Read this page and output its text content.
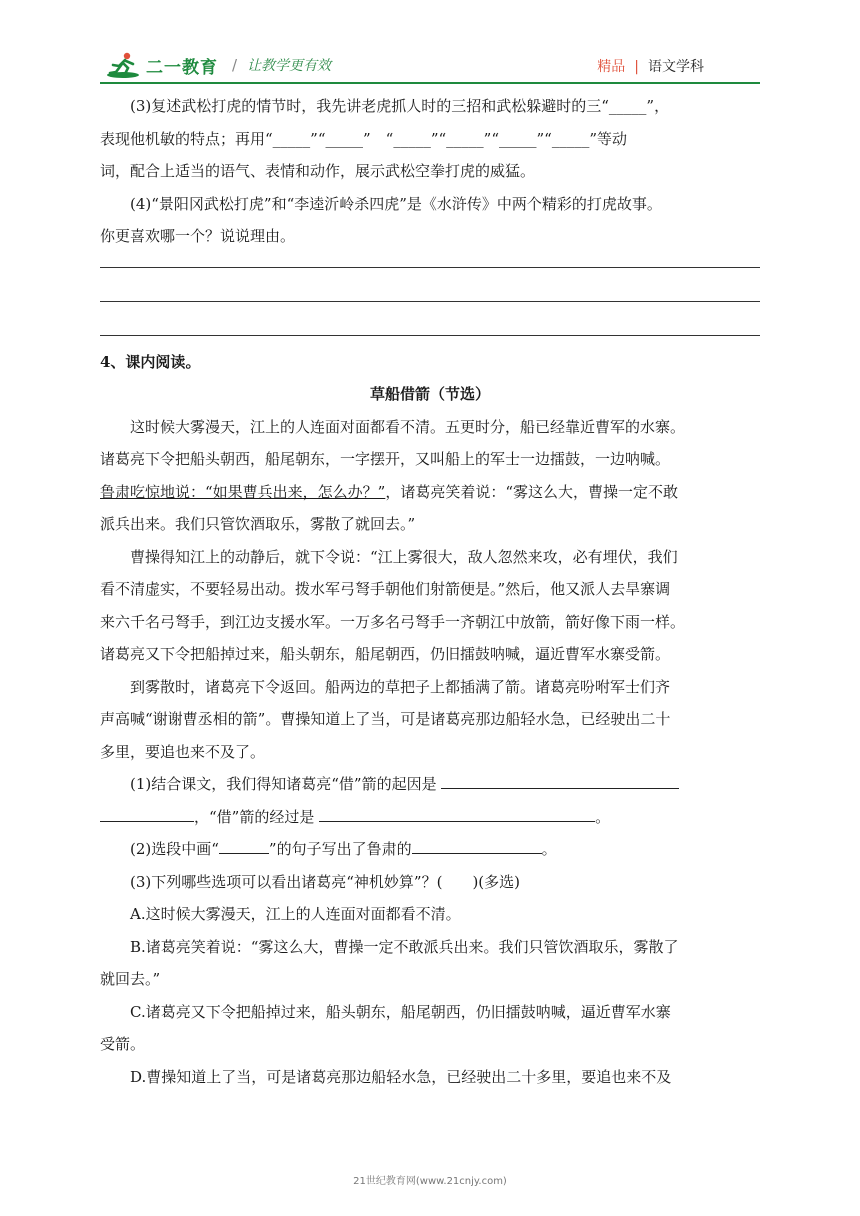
二一教育 / 让教学更有效	精品 | 语文学科

(3)复述武松打虎的情节时，我先讲老虎抓人时的三招和武松躲避时的三“_____”，

表现他机敏的特点；再用“_____”“_____”　“_____”“_____”“_____”“_____”等动

词，配合上适当的语气、表情和动作，展示武松空拳打虎的威猛。

(4)“景阳冈武松打虎”和“李逵沂岭杀四虎”是《水浒传》中两个精彩的打虎故事。

你更喜欢哪一个？说说理由。

4、课内阅读。

草船借箭（节选）

这时候大雾漫天，江上的人连面对面都看不清。五更时分，船已经靠近曹军的水寨。

诸葛亮下令把船头朝西，船尾朝东，一字摆开，又叫船上的军士一边擂鼓，一边呐喊。

鲁肃吃惊地说：“如果曹兵出来，怎么办？”，诸葛亮笑着说：“雾这么大，曹操一定不敢

派兵出来。我们只管饮酒取乐，雾散了就回去。”

曹操得知江上的动静后，就下令说：“江上雾很大，敌人忽然来攻，必有埋伏，我们

看不清虚实，不要轻易出动。拨水军弓弩手朝他们射箭便是。”然后，他又派人去旱寨调

来六千名弓弩手，到江边支援水军。一万多名弓弩手一齐朝江中放箭，箭好像下雨一样。

诸葛亮又下令把船掉过来，船头朝东，船尾朝西，仍旧擂鼓呐喊，逼近曹军水寨受箭。

到雾散时，诸葛亮下令返回。船两边的草把子上都插满了箭。诸葛亮吩咐军士们齐

声高喊“谢谢曹丞相的箭”。曹操知道上了当，可是诸葛亮那边船轻水急，已经驶出二十

多里，要追也来不及了。

(1)结合课文，我们得知诸葛亮“借”箭的起因是

，“借”箭的经过是	。

(2)选段中画“	”的句子写出了鲁肃的	。

(3)下列哪些选项可以看出诸葛亮“神机妙算”？(　　)(多选)

A.这时候大雾漫天，江上的人连面对面都看不清。

B.诸葛亮笑着说：“雾这么大，曹操一定不敢派兵出来。我们只管饮酒取乐，雾散了

就回去。”

C.诸葛亮又下令把船掉过来，船头朝东，船尾朝西，仍旧擂鼓呐喊，逼近曹军水寨

受箭。

D.曹操知道上了当，可是诸葛亮那边船轻水急，已经驶出二十多里，要追也来不及

21世纪教育网(www.21cnjy.com)
